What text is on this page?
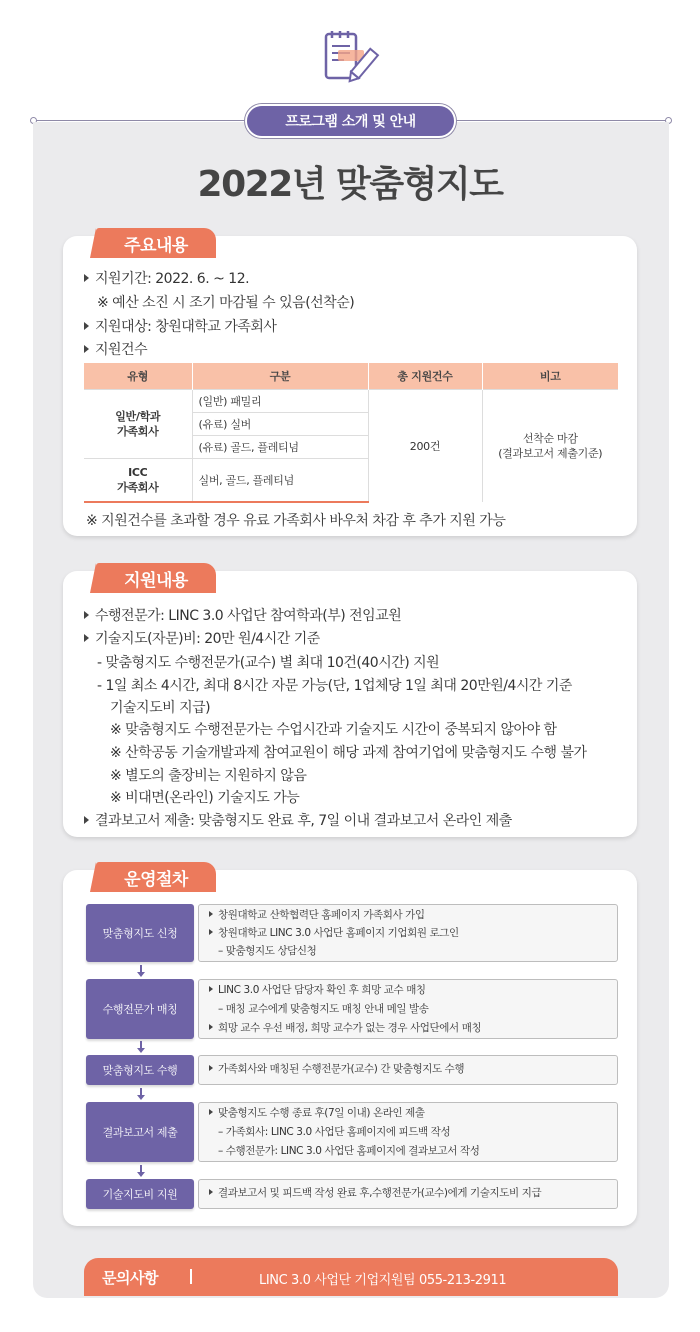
프로그램 소개 및 안내
2022년 맞춤형지도
주요내용
지원기간: 2022. 6. ~ 12.
※ 예산 소진 시 조기 마감될 수 있음(선착순)
지원대상: 창원대학교 가족회사
지원건수
유형	구분	총 지원건수	비고
일반/학과
가족회사	(일반) 패밀리	200건	선착순 마감
(결과보고서 제출기준)
	(유료) 실버		
	(유료) 골드, 플레티넘		
ICC
가족회사	실버, 골드, 플레티넘		
※ 지원건수를 초과할 경우 유료 가족회사 바우처 차감 후 추가 지원 가능
지원내용
수행전문가: LINC 3.0 사업단 참여학과(부) 전임교원
기술지도(자문)비: 20만 원/4시간 기준
- 맞춤형지도 수행전문가(교수) 별 최대 10건(40시간) 지원
- 1일 최소 4시간, 최대 8시간 자문 가능(단, 1업체당 1일 최대 20만원/4시간 기준
기술지도비 지급)
※ 맞춤형지도 수행전문가는 수업시간과 기술지도 시간이 중복되지 않아야 함
※ 산학공동 기술개발과제 참여교원이 해당 과제 참여기업에 맞춤형지도 수행 불가
※ 별도의 출장비는 지원하지 않음
※ 비대면(온라인) 기술지도 가능
결과보고서 제출: 맞춤형지도 완료 후, 7일 이내 결과보고서 온라인 제출
운영절차
맞춤형지도 신청
창원대학교 산학협력단 홈페이지 가족회사 가입
창원대학교 LINC 3.0 사업단 홈페이지 기업회원 로그인
– 맞춤형지도 상담신청
수행전문가 매칭
LINC 3.0 사업단 담당자 확인 후 희망 교수 매칭
– 매칭 교수에게 맞춤형지도 매칭 안내 메일 발송
희망 교수 우선 배정, 희망 교수가 없는 경우 사업단에서 매칭
맞춤형지도 수행	가족회사와 매칭된 수행전문가(교수) 간 맞춤형지도 수행
결과보고서 제출
맞춤형지도 수행 종료 후(7일 이내) 온라인 제출
– 가족회사: LINC 3.0 사업단 홈페이지에 피드백 작성
– 수행전문가: LINC 3.0 사업단 홈페이지에 결과보고서 작성
기술지도비 지원	결과보고서 및 피드백 작성 완료 후,수행전문가(교수)에게 기술지도비 지급
문의사항	LINC 3.0 사업단 기업지원팀 055-213-2911
